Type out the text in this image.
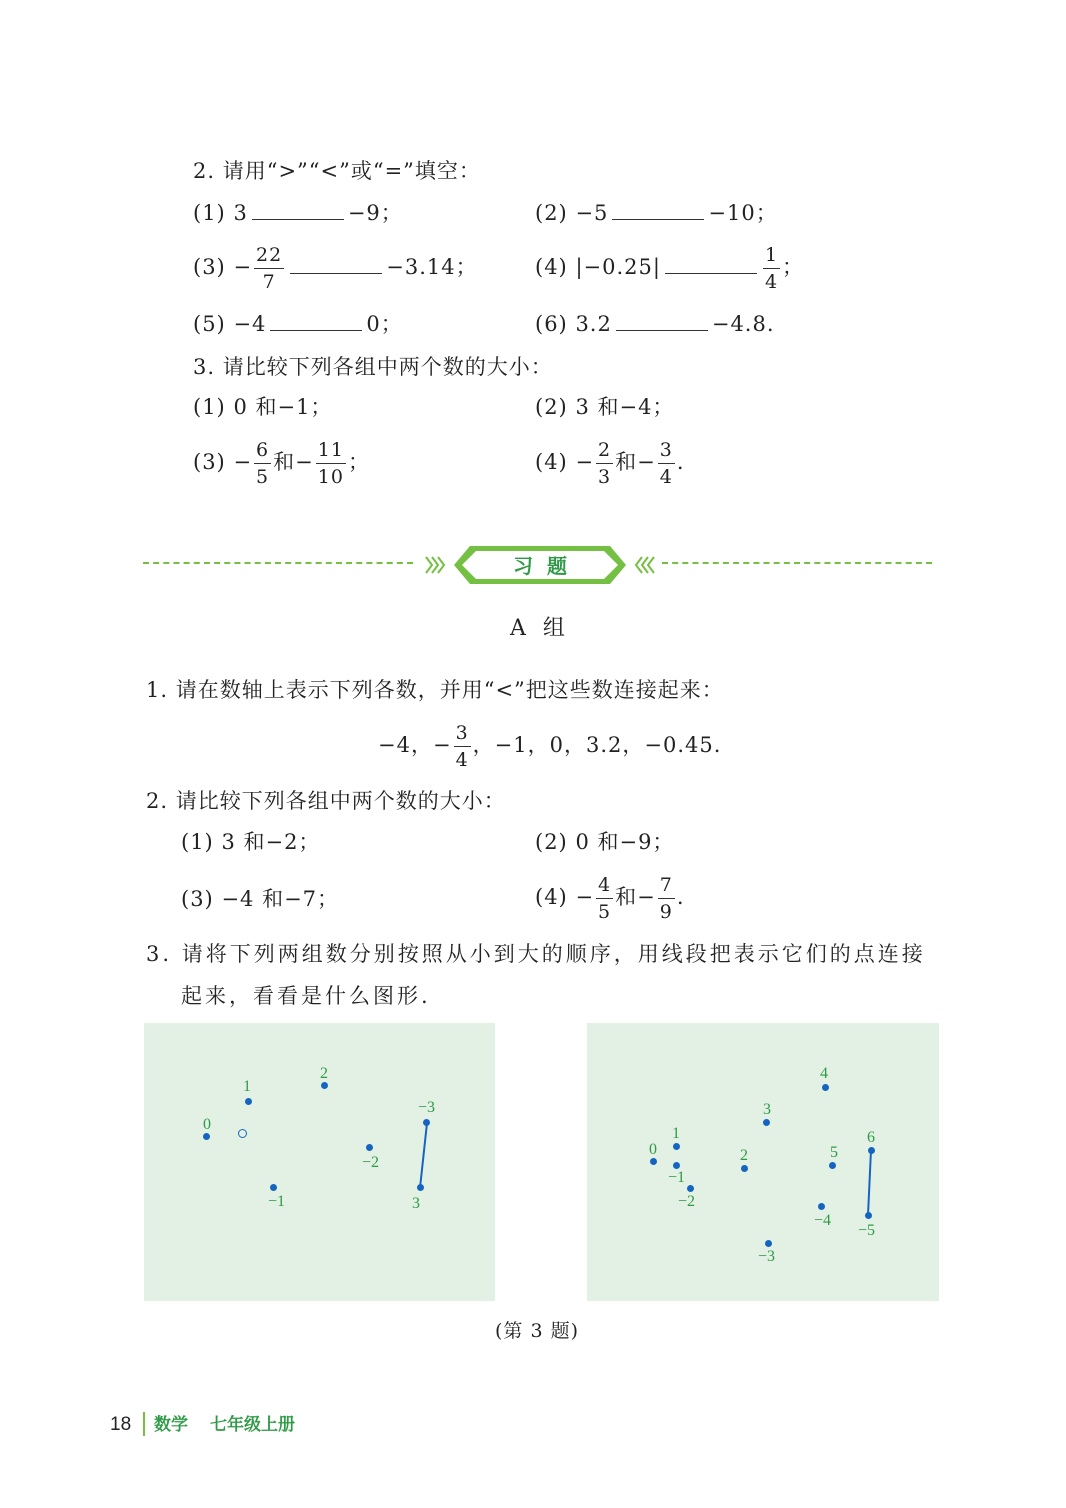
2. 请用“>”“<”或“=”填空：
(1) 3	−9；	(2) −5	−10；
$(3) - \frac{22}{7}$	−3.14；	(4) |−0.25|	$\frac{1}{4}$ ；
(5) −4	0；	(6) 3.2	−4.8.
3. 请比较下列各组中两个数的大小：
(1) 0 和−1；	(2) 3 和−4；
$(3) - \frac{6}{5}$ 和− $\frac{11}{10}$ ；	$(4) - \frac{2}{3}$ 和− $\frac{3}{4}$ .
习  题
A  组
1. 请在数轴上表示下列各数，并用“<”把这些数连接起来：
−4，− $\frac{3}{4}$ ，−1，0，3.2，−0.45.
2. 请比较下列各组中两个数的大小：
(1) 3 和−2；	(2) 0 和−9；
(3) −4 和−7；	$(4) - \frac{4}{5}$ 和− $\frac{7}{9}$ .
3. 请将下列两组数分别按照从小到大的顺序，用线段把表示它们的点连接
起来，看看是什么图形.
0
1
2
−3
−2
−1	3
0
1
−1
−2
2
3
4
5
6
−4
−5
−3
(第 3 题)
18 数学 七年级上册
